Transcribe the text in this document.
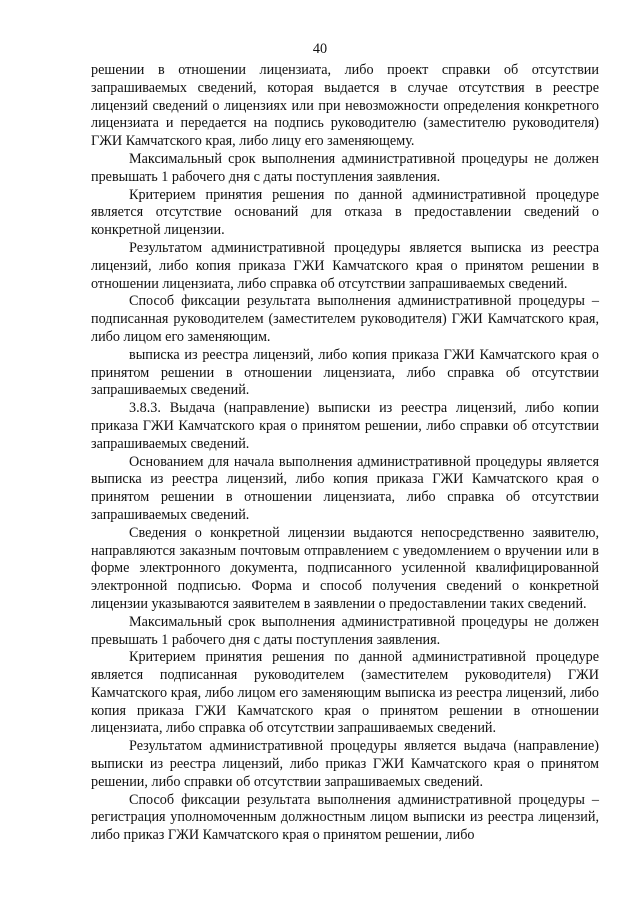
40

решении в отношении лицензиата, либо проект справки об отсутствии запрашиваемых сведений, которая выдается в случае отсутствия в реестре лицензий сведений о лицензиях или при невозможности определения конкретного лицензиата и передается на подпись руководителю (заместителю руководителя) ГЖИ Камчатского края, либо лицу его заменяющему.

Максимальный срок выполнения административной процедуры не должен превышать 1 рабочего дня с даты поступления заявления.

Критерием принятия решения по данной административной процедуре является отсутствие оснований для отказа в предоставлении сведений о конкретной лицензии.

Результатом административной процедуры является выписка из реестра лицензий, либо копия приказа ГЖИ Камчатского края о принятом решении в отношении лицензиата, либо справка об отсутствии запрашиваемых сведений.

Способ фиксации результата выполнения административной процедуры – подписанная руководителем (заместителем руководителя) ГЖИ Камчатского края, либо лицом его заменяющим.

выписка из реестра лицензий, либо копия приказа ГЖИ Камчатского края о принятом решении в отношении лицензиата, либо справка об отсутствии запрашиваемых сведений.

3.8.3. Выдача (направление) выписки из реестра лицензий, либо копии приказа ГЖИ Камчатского края о принятом решении, либо справки об отсутствии запрашиваемых сведений.

Основанием для начала выполнения административной процедуры является выписка из реестра лицензий, либо копия приказа ГЖИ Камчатского края о принятом решении в отношении лицензиата, либо справка об отсутствии запрашиваемых сведений.

Сведения о конкретной лицензии выдаются непосредственно заявителю, направляются заказным почтовым отправлением с уведомлением о вручении или в форме электронного документа, подписанного усиленной квалифицированной электронной подписью. Форма и способ получения сведений о конкретной лицензии указываются заявителем в заявлении о предоставлении таких сведений.

Максимальный срок выполнения административной процедуры не должен превышать 1 рабочего дня с даты поступления заявления.

Критерием принятия решения по данной административной процедуре является подписанная руководителем (заместителем руководителя) ГЖИ Камчатского края, либо лицом его заменяющим выписка из реестра лицензий, либо копия приказа ГЖИ Камчатского края о принятом решении в отношении лицензиата, либо справка об отсутствии запрашиваемых сведений.

Результатом административной процедуры является выдача (направление) выписки из реестра лицензий, либо приказ ГЖИ Камчатского края о принятом решении, либо справки об отсутствии запрашиваемых сведений.

Способ фиксации результата выполнения административной процедуры – регистрация уполномоченным должностным лицом выписки из реестра лицензий, либо приказ ГЖИ Камчатского края о принятом решении, либо
